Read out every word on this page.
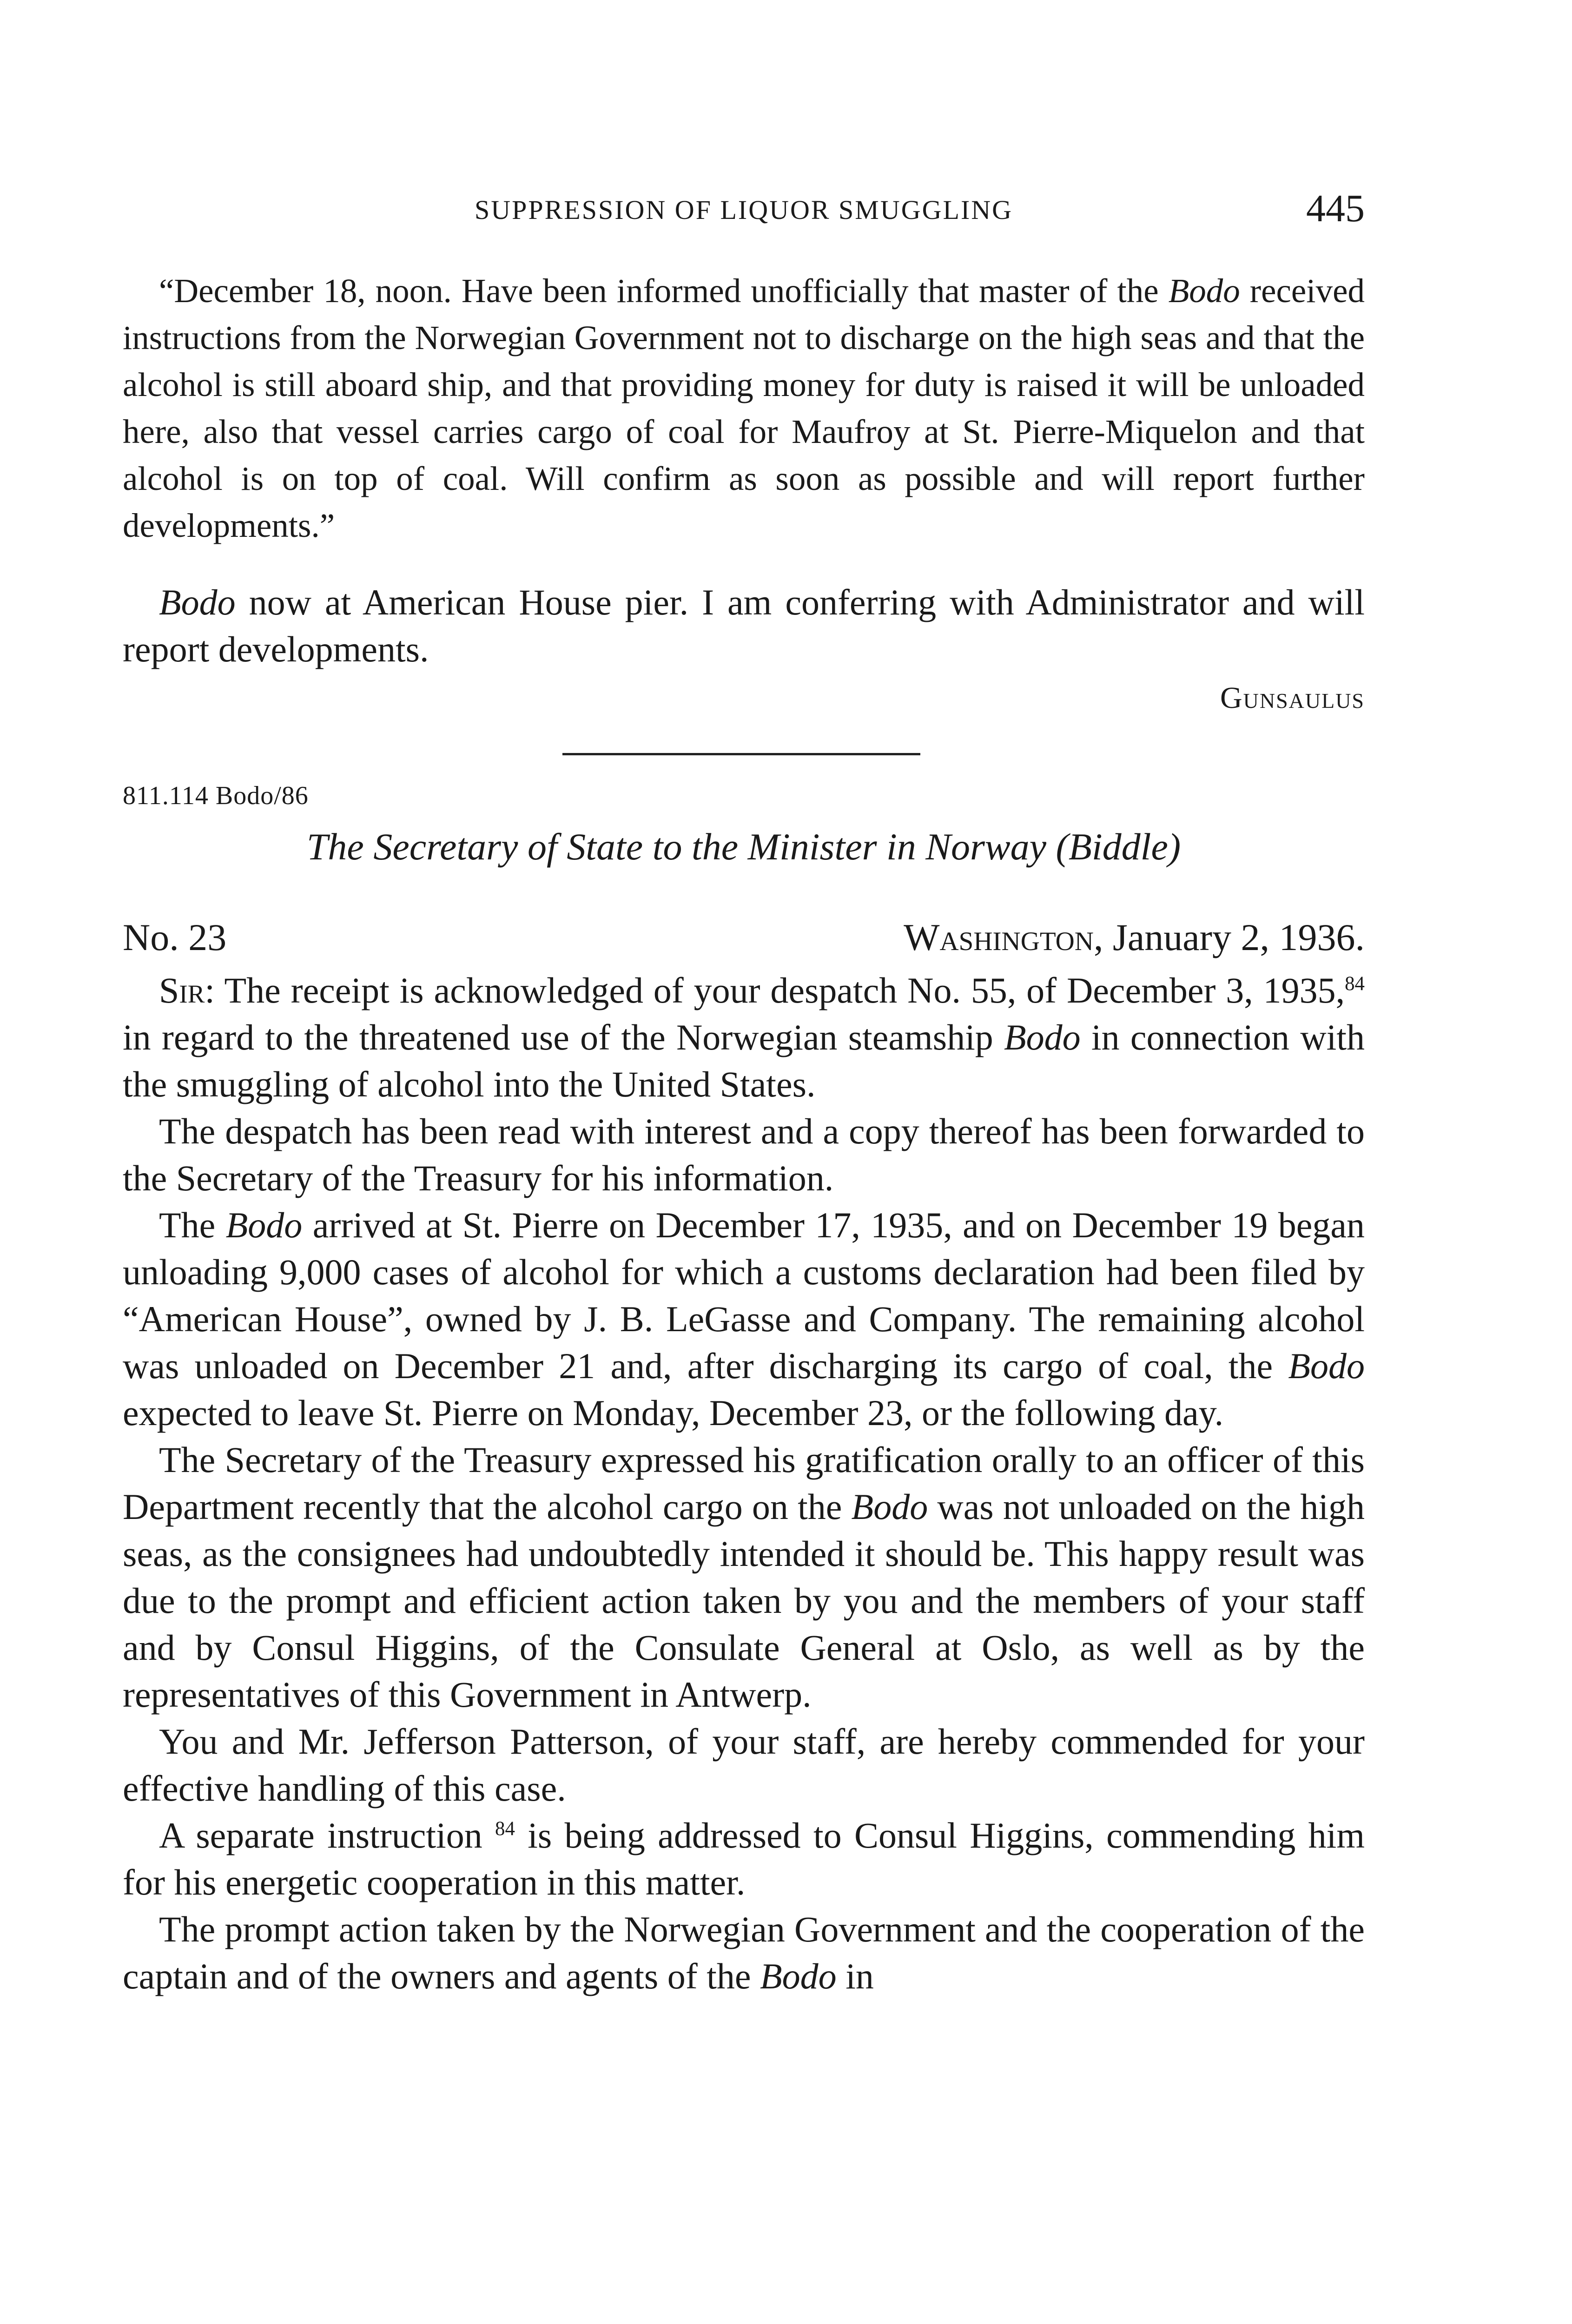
SUPPRESSION OF LIQUOR SMUGGLING	445

“December 18, noon. Have been informed unofficially that master of the Bodo received instructions from the Norwegian Government not to discharge on the high seas and that the alcohol is still aboard ship, and that providing money for duty is raised it will be unloaded here, also that vessel carries cargo of coal for Maufroy at St. Pierre-Miquelon and that alcohol is on top of coal. Will confirm as soon as possible and will report further developments.”

Bodo now at American House pier. I am conferring with Administrator and will report developments.

Gunsaulus
811.114 Bodo/86
The Secretary of State to the Minister in Norway (Biddle)
No. 23	Washington, January 2, 1936.

Sir: The receipt is acknowledged of your despatch No. 55, of December 3, 1935,84 in regard to the threatened use of the Norwegian steamship Bodo in connection with the smuggling of alcohol into the United States.

The despatch has been read with interest and a copy thereof has been forwarded to the Secretary of the Treasury for his information.

The Bodo arrived at St. Pierre on December 17, 1935, and on December 19 began unloading 9,000 cases of alcohol for which a customs declaration had been filed by “American House”, owned by J. B. LeGasse and Company. The remaining alcohol was unloaded on December 21 and, after discharging its cargo of coal, the Bodo expected to leave St. Pierre on Monday, December 23, or the following day.

The Secretary of the Treasury expressed his gratification orally to an officer of this Department recently that the alcohol cargo on the Bodo was not unloaded on the high seas, as the consignees had undoubtedly intended it should be. This happy result was due to the prompt and efficient action taken by you and the members of your staff and by Consul Higgins, of the Consulate General at Oslo, as well as by the representatives of this Government in Antwerp.

You and Mr. Jefferson Patterson, of your staff, are hereby commended for your effective handling of this case.

A separate instruction $^{84}$ is being addressed to Consul Higgins, commending him for his energetic cooperation in this matter.

The prompt action taken by the Norwegian Government and the cooperation of the captain and of the owners and agents of the Bodo in
